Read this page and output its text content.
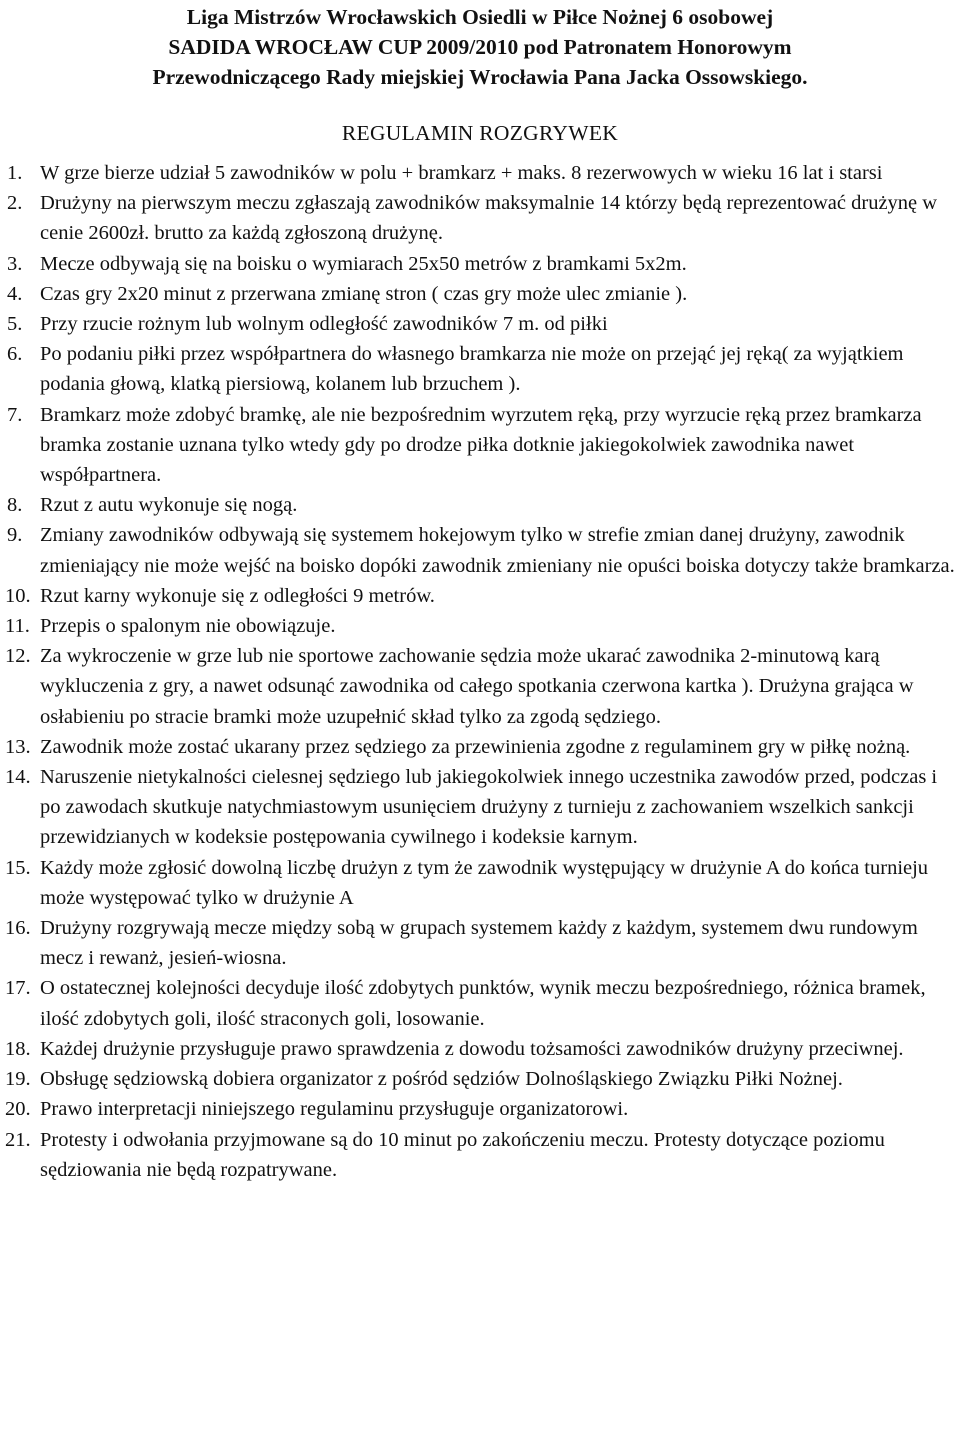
Liga Mistrzów Wrocławskich Osiedli w Piłce Nożnej 6 osobowej
SADIDA WROCŁAW CUP 2009/2010 pod Patronatem Honorowym
Przewodniczącego Rady miejskiej Wrocławia Pana Jacka Ossowskiego.
REGULAMIN ROZGRYWEK
1. W grze bierze udział 5 zawodników w polu + bramkarz + maks. 8 rezerwowych w wieku 16 lat i starsi
2. Drużyny na pierwszym meczu zgłaszają zawodników maksymalnie 14 którzy będą reprezentować drużynę w cenie 2600zł. brutto za każdą zgłoszoną drużynę.
3. Mecze odbywają się na boisku o wymiarach 25x50 metrów z bramkami 5x2m.
4. Czas gry 2x20 minut z przerwana zmianę stron ( czas gry może ulec zmianie ).
5. Przy rzucie rożnym lub wolnym odległość zawodników 7 m. od piłki
6. Po podaniu piłki przez współpartnera do własnego bramkarza nie może on przejąć jej ręką( za wyjątkiem podania głową, klatką piersiową, kolanem lub brzuchem ).
7. Bramkarz może zdobyć bramkę, ale nie bezpośrednim wyrzutem ręką, przy wyrzucie ręką przez bramkarza bramka zostanie uznana tylko wtedy gdy po drodze piłka dotknie jakiegokolwiek zawodnika nawet współpartnera.
8. Rzut z autu wykonuje się nogą.
9. Zmiany zawodników odbywają się systemem hokejowym tylko w strefie zmian danej drużyny, zawodnik zmieniający nie może wejść na boisko dopóki zawodnik zmieniany nie opuści boiska dotyczy także bramkarza.
10. Rzut karny wykonuje się z odległości 9 metrów.
11. Przepis o spalonym nie obowiązuje.
12. Za wykroczenie w grze lub nie sportowe zachowanie sędzia może ukarać zawodnika 2-minutową karą wykluczenia z gry, a nawet odsunąć zawodnika od całego spotkania czerwona kartka ). Drużyna grająca w osłabieniu po stracie bramki może uzupełnić skład tylko za zgodą sędziego.
13. Zawodnik może zostać ukarany przez sędziego za przewinienia zgodne z regulaminem gry w piłkę nożną.
14. Naruszenie nietykalności cielesnej sędziego lub jakiegokolwiek innego uczestnika zawodów przed, podczas i po zawodach skutkuje natychmiastowym usunięciem drużyny z turnieju z zachowaniem wszelkich sankcji przewidzianych w kodeksie postępowania cywilnego i kodeksie karnym.
15. Każdy może zgłosić dowolną liczbę drużyn z tym że zawodnik występujący w drużynie A do końca turnieju może występować tylko w drużynie A
16. Drużyny rozgrywają mecze między sobą w grupach systemem każdy z każdym, systemem dwu rundowym mecz i rewanż, jesień-wiosna.
17. O ostatecznej kolejności decyduje ilość zdobytych punktów, wynik meczu bezpośredniego, różnica bramek, ilość zdobytych goli, ilość straconych goli, losowanie.
18. Każdej drużynie przysługuje prawo sprawdzenia z dowodu tożsamości zawodników drużyny przeciwnej.
19. Obsługę sędziowską dobiera organizator z pośród sędziów Dolnośląskiego Związku Piłki Nożnej.
20. Prawo interpretacji niniejszego regulaminu przysługuje organizatorowi.
21. Protesty i odwołania przyjmowane są do 10 minut po zakończeniu meczu. Protesty dotyczące poziomu sędziowania nie będą rozpatrywane.
